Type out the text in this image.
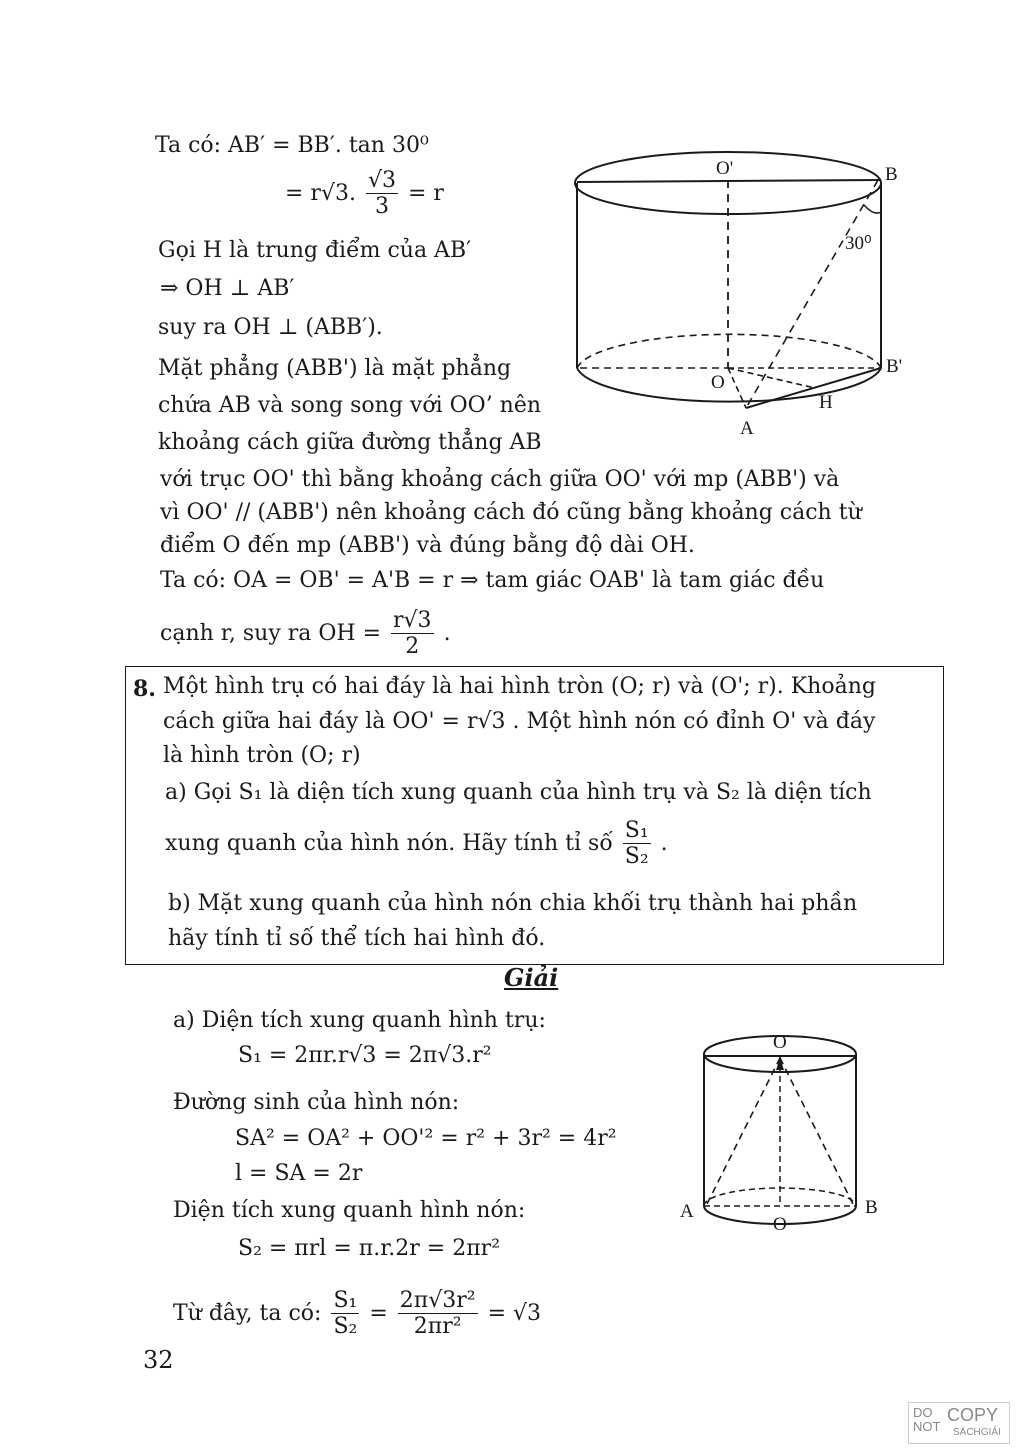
Ta có: AB′ = BB′. tan 30⁰
= r√3. $\frac{√3}{3} = r$
Gọi H là trung điểm của AB′
⇒ OH ⊥ AB′
suy ra OH ⊥ (ABB′).
Mặt phẳng (ABB') là mặt phẳng
chứa AB và song song với OO’ nên
khoảng cách giữa đường thẳng AB
với trục OO' thì bằng khoảng cách giữa OO' với mp (ABB') và
vì OO' // (ABB') nên khoảng cách đó cũng bằng khoảng cách từ
điểm O đến mp (ABB') và đúng bằng độ dài OH.
Ta có: OA = OB' = A'B = r ⇒ tam giác OAB' là tam giác đều
cạnh r, suy ra OH = $\frac{r√3}{2}$ .
O'	B
30⁰
B'
O
H
A
8. Một hình trụ có hai đáy là hai hình tròn (O; r) và (O'; r). Khoảng
cách giữa hai đáy là OO' = r√3 . Một hình nón có đỉnh O' và đáy
là hình tròn (O; r)
a) Gọi S₁ là diện tích xung quanh của hình trụ và S₂ là diện tích
xung quanh của hình nón. Hãy tính tỉ số $\frac{\text{S₁}}{\text{S₂}}$ .
b) Mặt xung quanh của hình nón chia khối trụ thành hai phần
hãy tính tỉ số thể tích hai hình đó.
Giải
a) Diện tích xung quanh hình trụ:
S₁ = 2πr.r√3 = 2π√3.r²
Đường sinh của hình nón:
SA² = OA² + OO'² = r² + 3r² = 4r²
l = SA = 2r
Diện tích xung quanh hình nón:
S₂ = πrl = π.r.2r = 2πr²
Từ đây, ta có: $\frac{\text{S₁}}{\text{S₂}} = \frac{\text{2π√3r²}}{\text{2πr²}} = √3$
O
A	B
O
32
DO
NOT
COPY
SÁCHGIẢI
